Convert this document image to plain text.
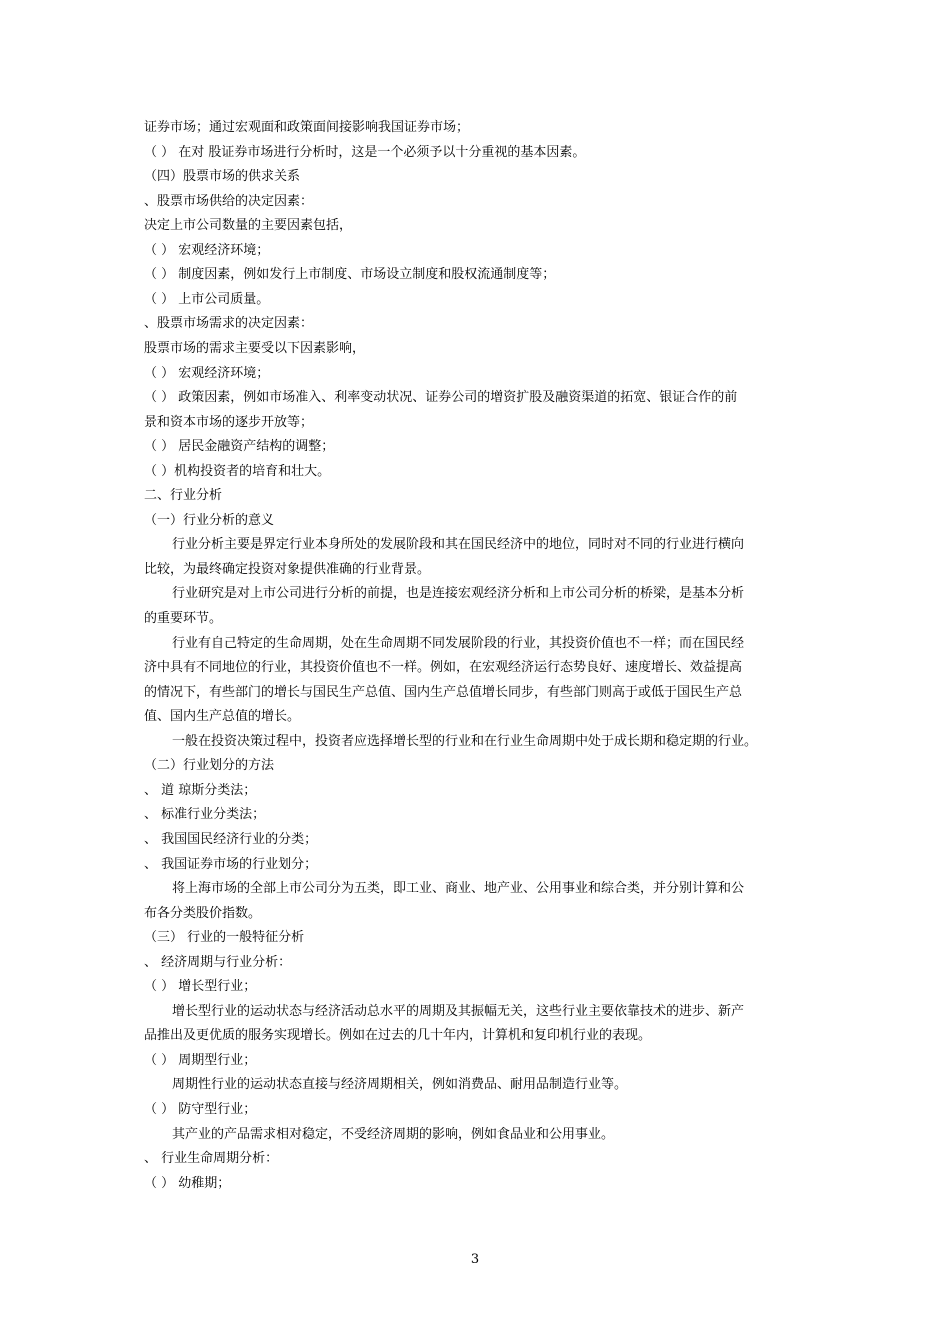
证券市场；通过宏观面和政策面间接影响我国证券市场；
（ ） 在对 股证券市场进行分析时，这是一个必须予以十分重视的基本因素。
（四）股票市场的供求关系
、股票市场供给的决定因素：
决定上市公司数量的主要因素包括，
（ ） 宏观经济环境；
（ ） 制度因素，例如发行上市制度、市场设立制度和股权流通制度等；
（ ） 上市公司质量。
、股票市场需求的决定因素：
股票市场的需求主要受以下因素影响，
（ ） 宏观经济环境；
（ ） 政策因素，例如市场准入、利率变动状况、证券公司的增资扩股及融资渠道的拓宽、银证合作的前
景和资本市场的逐步开放等；
（ ） 居民金融资产结构的调整；
（ ）机构投资者的培育和壮大。
二、行业分析
（一）行业分析的意义
行业分析主要是界定行业本身所处的发展阶段和其在国民经济中的地位，同时对不同的行业进行横向
比较，为最终确定投资对象提供准确的行业背景。
行业研究是对上市公司进行分析的前提，也是连接宏观经济分析和上市公司分析的桥梁，是基本分析
的重要环节。
行业有自己特定的生命周期，处在生命周期不同发展阶段的行业，其投资价值也不一样；而在国民经
济中具有不同地位的行业，其投资价值也不一样。例如，在宏观经济运行态势良好、速度增长、效益提高
的情况下，有些部门的增长与国民生产总值、国内生产总值增长同步，有些部门则高于或低于国民生产总
值、国内生产总值的增长。
一般在投资决策过程中，投资者应选择增长型的行业和在行业生命周期中处于成长期和稳定期的行业。
（二）行业划分的方法
、 道 琼斯分类法；
、 标准行业分类法；
、 我国国民经济行业的分类；
、 我国证券市场的行业划分；
将上海市场的全部上市公司分为五类，即工业、商业、地产业、公用事业和综合类，并分别计算和公
布各分类股价指数。
（三） 行业的一般特征分析
、 经济周期与行业分析：
（ ） 增长型行业；
增长型行业的运动状态与经济活动总水平的周期及其振幅无关，这些行业主要依靠技术的进步、新产
品推出及更优质的服务实现增长。例如在过去的几十年内，计算机和复印机行业的表现。
（ ） 周期型行业；
周期性行业的运动状态直接与经济周期相关，例如消费品、耐用品制造行业等。
（ ） 防守型行业；
其产业的产品需求相对稳定，不受经济周期的影响，例如食品业和公用事业。
、 行业生命周期分析：
（ ） 幼稚期；
3
